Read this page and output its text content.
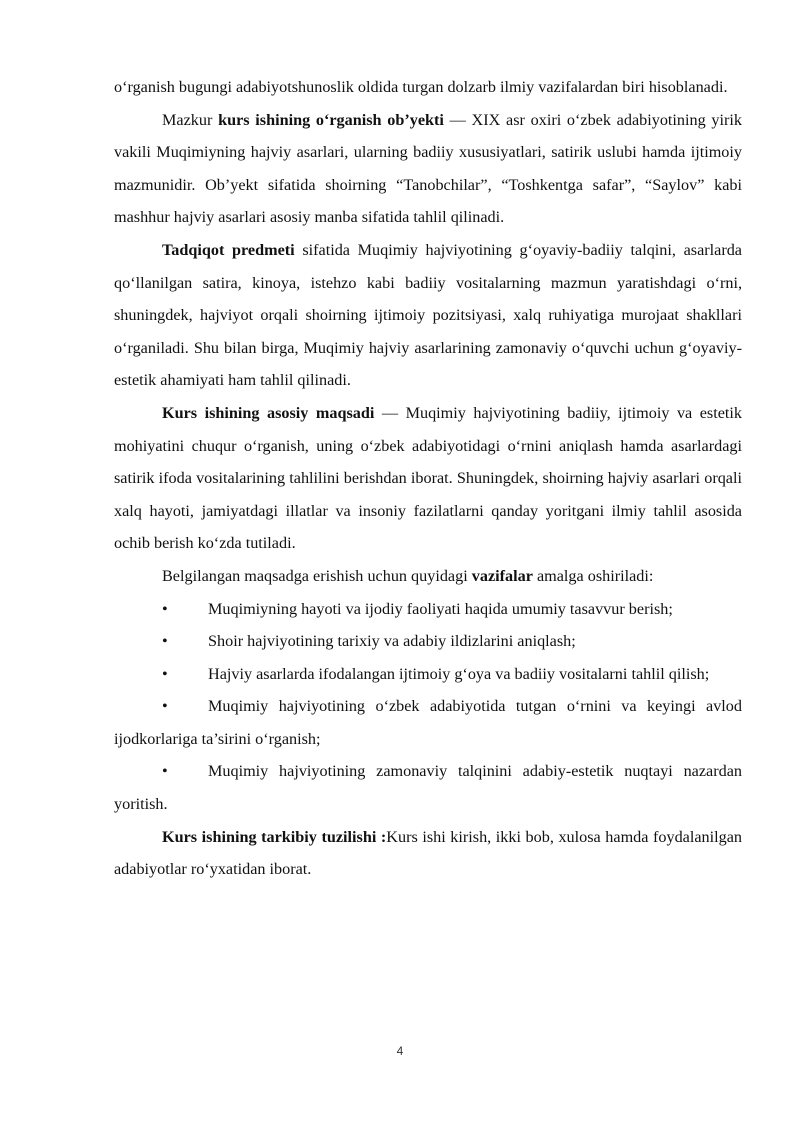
o‘rganish bugungi adabiyotshunoslik oldida turgan dolzarb ilmiy vazifalardan biri hisoblanadi.

Mazkur kurs ishining o‘rganish ob’yekti — XIX asr oxiri o‘zbek adabiyotining yirik vakili Muqimiyning hajviy asarlari, ularning badiiy xususiyatlari, satirik uslubi hamda ijtimoiy mazmunidir. Ob’yekt sifatida shoirning “Tanobchilar”, “Toshkentga safar”, “Saylov” kabi mashhur hajviy asarlari asosiy manba sifatida tahlil qilinadi.

Tadqiqot predmeti sifatida Muqimiy hajviyotining g‘oyaviy-badiiy talqini, asarlarda qo‘llanilgan satira, kinoya, istehzo kabi badiiy vositalarning mazmun yaratishdagi o‘rni, shuningdek, hajviyot orqali shoirning ijtimoiy pozitsiyasi, xalq ruhiyatiga murojaat shakllari o‘rganiladi. Shu bilan birga, Muqimiy hajviy asarlarining zamonaviy o‘quvchi uchun g‘oyaviy-estetik ahamiyati ham tahlil qilinadi.

Kurs ishining asosiy maqsadi — Muqimiy hajviyotining badiiy, ijtimoiy va estetik mohiyatini chuqur o‘rganish, uning o‘zbek adabiyotidagi o‘rnini aniqlash hamda asarlardagi satirik ifoda vositalarining tahlilini berishdan iborat. Shuningdek, shoirning hajviy asarlari orqali xalq hayoti, jamiyatdagi illatlar va insoniy fazilatlarni qanday yoritgani ilmiy tahlil asosida ochib berish ko‘zda tutiladi.

Belgilangan maqsadga erishish uchun quyidagi vazifalar amalga oshiriladi:

• Muqimiyning hayoti va ijodiy faoliyati haqida umumiy tasavvur berish;

• Shoir hajviyotining tarixiy va adabiy ildizlarini aniqlash;

• Hajviy asarlarda ifodalangan ijtimoiy g‘oya va badiiy vositalarni tahlil qilish;

• Muqimiy hajviyotining o‘zbek adabiyotida tutgan o‘rnini va keyingi avlod ijodkorlariga ta’sirini o‘rganish;

• Muqimiy hajviyotining zamonaviy talqinini adabiy-estetik nuqtayi nazardan yoritish.

Kurs ishining tarkibiy tuzilishi :Kurs ishi kirish, ikki bob, xulosa hamda foydalanilgan adabiyotlar ro‘yxatidan iborat.

4
